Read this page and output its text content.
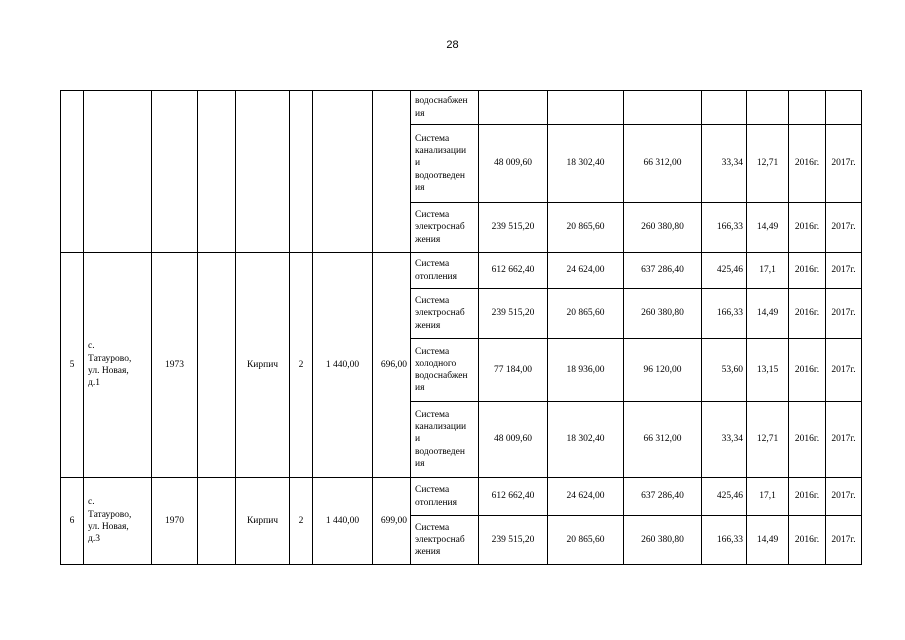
28

								водоснабжен
ия							

								Система
канализации
и
водоотведен
ия	48 009,60	18 302,40	66 312,00	33,34	12,71	2016г.	2017г.

								Система
электроснаб
жения	239 515,20	20 865,60	260 380,80	166,33	14,49	2016г.	2017г.
5	с.
Татаурово,
ул. Новая,
д.1	1973		Кирпич	2	1 440,00	696,00	Система
отопления	612 662,40	24 624,00	637 286,40	425,46	17,1	2016г.	2017г.

								Система
электроснаб
жения	239 515,20	20 865,60	260 380,80	166,33	14,49	2016г.	2017г.

								Система
холодного
водоснабжен
ия	77 184,00	18 936,00	96 120,00	53,60	13,15	2016г.	2017г.

								Система
канализации
и
водоотведен
ия	48 009,60	18 302,40	66 312,00	33,34	12,71	2016г.	2017г.
6	с.
Татаурово,
ул. Новая,
д.3	1970		Кирпич	2	1 440,00	699,00	Система
отопления	612 662,40	24 624,00	637 286,40	425,46	17,1	2016г.	2017г.

								Система
электроснаб
жения	239 515,20	20 865,60	260 380,80	166,33	14,49	2016г.	2017г.
